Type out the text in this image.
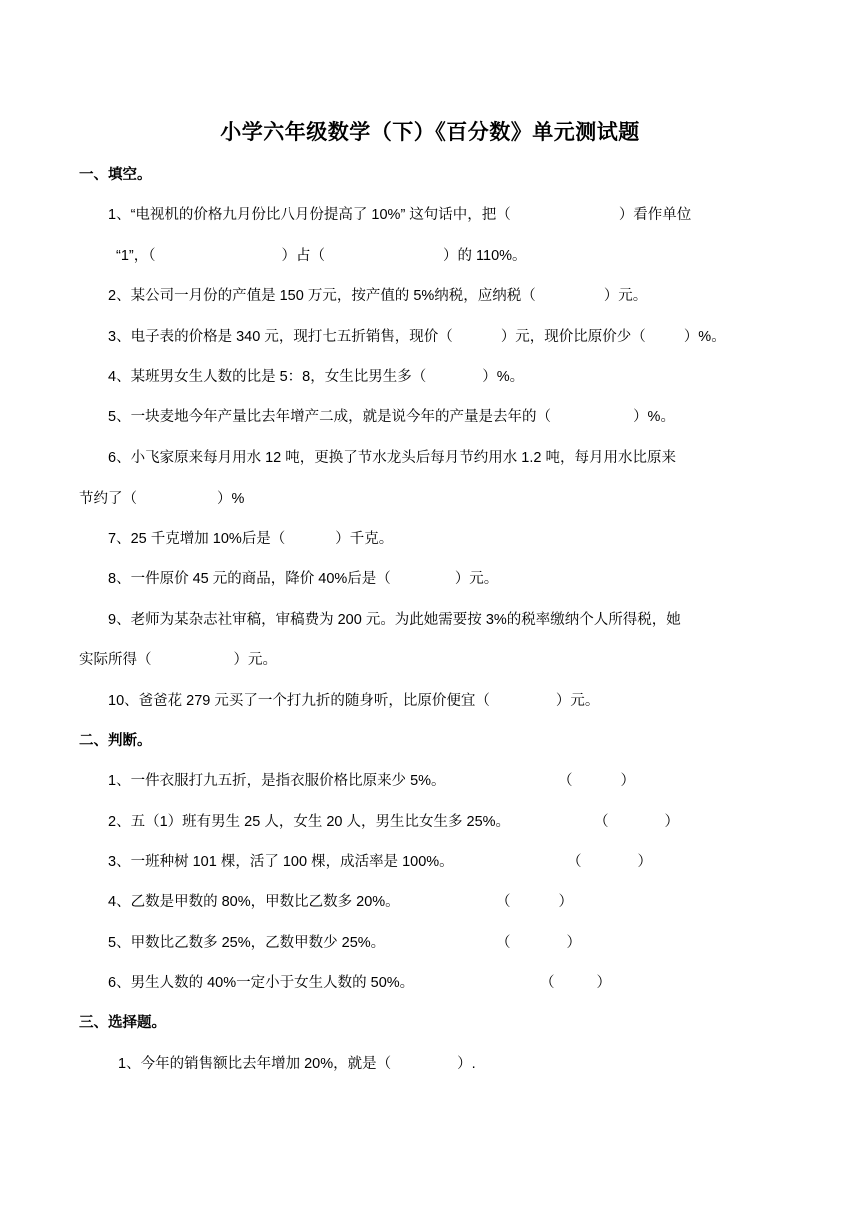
小学六年级数学（下）《百分数》单元测试题
一、填空。
1、“电视机的价格九月份比八月份提高了 10%” 这句话中，把（	）看作单位
“1”，（	）占（	）的 110%。
2、某公司一月份的产值是 150 万元，按产值的 5%纳税，应纳税（	）元。
3、电子表的价格是 340 元，现打七五折销售，现价（	）元，现价比原价少（	）%。
4、某班男女生人数的比是 5：8，女生比男生多（	）%。
5、一块麦地今年产量比去年增产二成，就是说今年的产量是去年的（	）%。
6、小飞家原来每月用水 12 吨，更换了节水龙头后每月节约用水 1.2 吨，每月用水比原来
节约了（	）%
7、25 千克增加 10%后是（	）千克。
8、一件原价 45 元的商品，降价 40%后是（	）元。
9、老师为某杂志社审稿，审稿费为 200 元。为此她需要按 3%的税率缴纳个人所得税，她
实际所得（	）元。
10、爸爸花 279 元买了一个打九折的随身听，比原价便宜（	）元。
二、判断。
1、一件衣服打九五折，是指衣服价格比原来少 5%。	（	）
2、五（1）班有男生 25 人，女生 20 人，男生比女生多 25%。	（	）
3、一班种树 101 棵，活了 100 棵，成活率是 100%。	（	）
4、乙数是甲数的 80%，甲数比乙数多 20%。	（	）
5、甲数比乙数多 25%，乙数甲数少 25%。	（	）
6、男生人数的 40%一定小于女生人数的 50%。	（	）
三、选择题。
1、今年的销售额比去年增加 20%，就是（	）.
